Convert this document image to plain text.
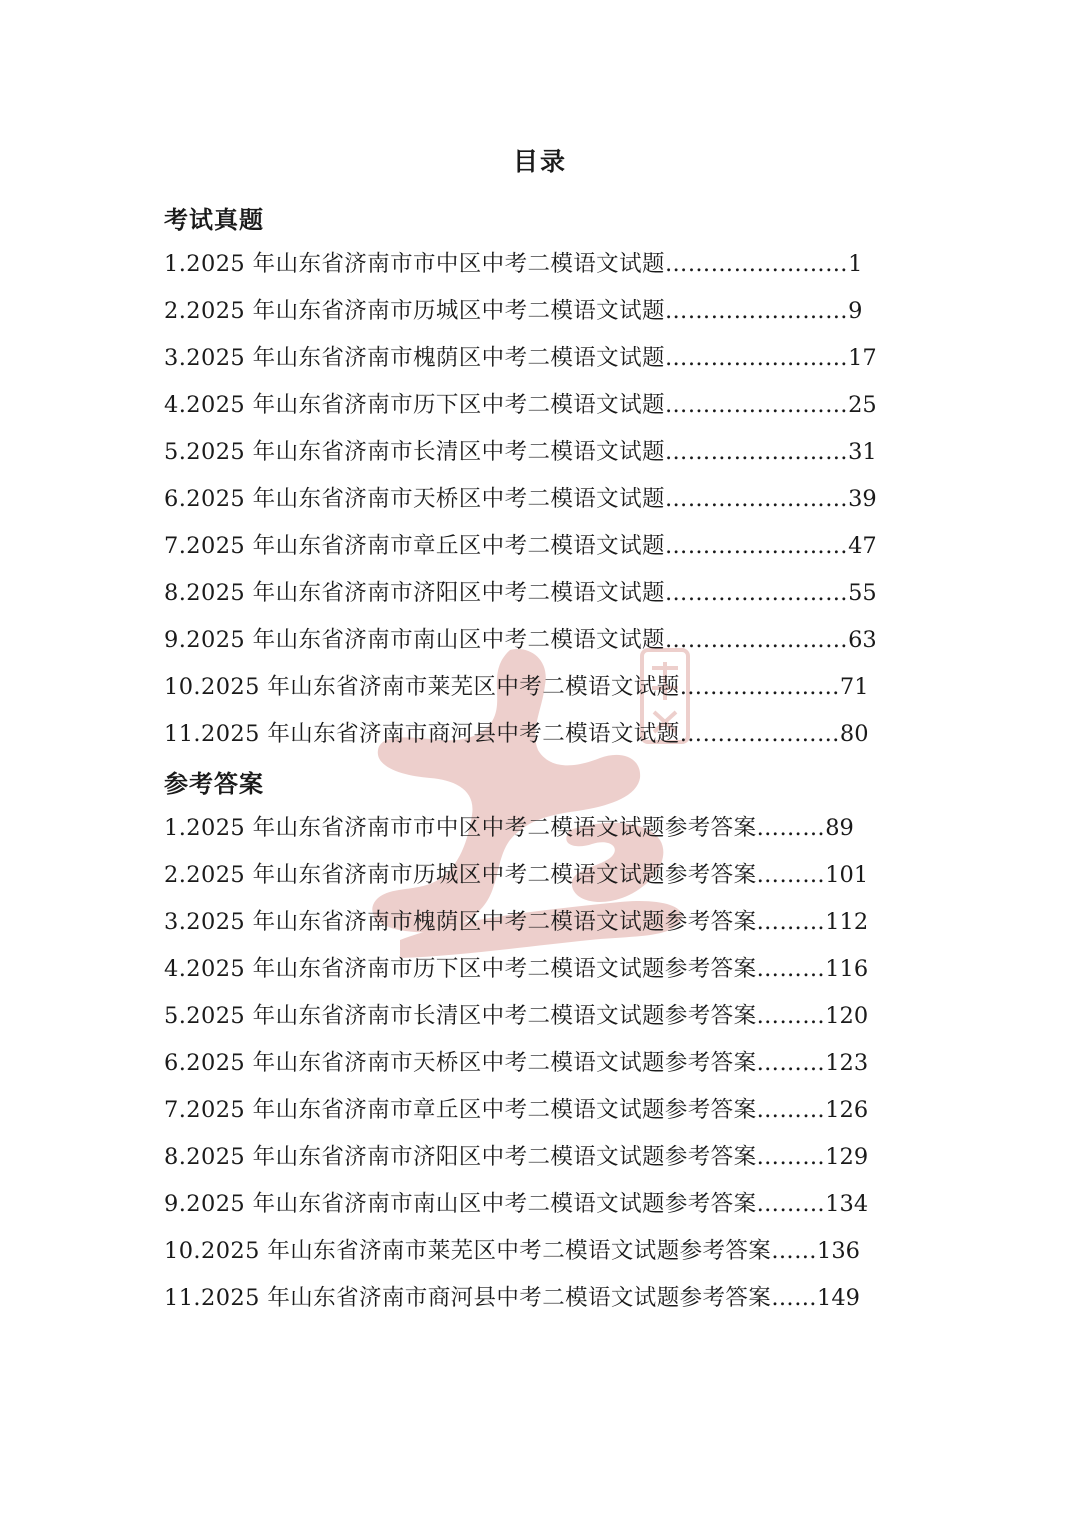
目录
考试真题
1.2025 年山东省济南市市中区中考二模语文试题…………………… 1
2.2025 年山东省济南市历城区中考二模语文试题…………………… 9
3.2025 年山东省济南市槐荫区中考二模语文试题…………………… 17
4.2025 年山东省济南市历下区中考二模语文试题…………………… 25
5.2025 年山东省济南市长清区中考二模语文试题…………………… 31
6.2025 年山东省济南市天桥区中考二模语文试题…………………… 39
7.2025 年山东省济南市章丘区中考二模语文试题…………………… 47
8.2025 年山东省济南市济阳区中考二模语文试题…………………… 55
9.2025 年山东省济南市南山区中考二模语文试题…………………… 63
10.2025 年山东省济南市莱芜区中考二模语文试题………………… 71
11.2025 年山东省济南市商河县中考二模语文试题………………… 80
参考答案
1.2025 年山东省济南市市中区中考二模语文试题参考答案……… 89
2.2025 年山东省济南市历城区中考二模语文试题参考答案……… 101
3.2025 年山东省济南市槐荫区中考二模语文试题参考答案……… 112
4.2025 年山东省济南市历下区中考二模语文试题参考答案……… 116
5.2025 年山东省济南市长清区中考二模语文试题参考答案……… 120
6.2025 年山东省济南市天桥区中考二模语文试题参考答案……… 123
7.2025 年山东省济南市章丘区中考二模语文试题参考答案……… 126
8.2025 年山东省济南市济阳区中考二模语文试题参考答案……… 129
9.2025 年山东省济南市南山区中考二模语文试题参考答案……… 134
10.2025 年山东省济南市莱芜区中考二模语文试题参考答案…… 136
11.2025 年山东省济南市商河县中考二模语文试题参考答案…… 149
